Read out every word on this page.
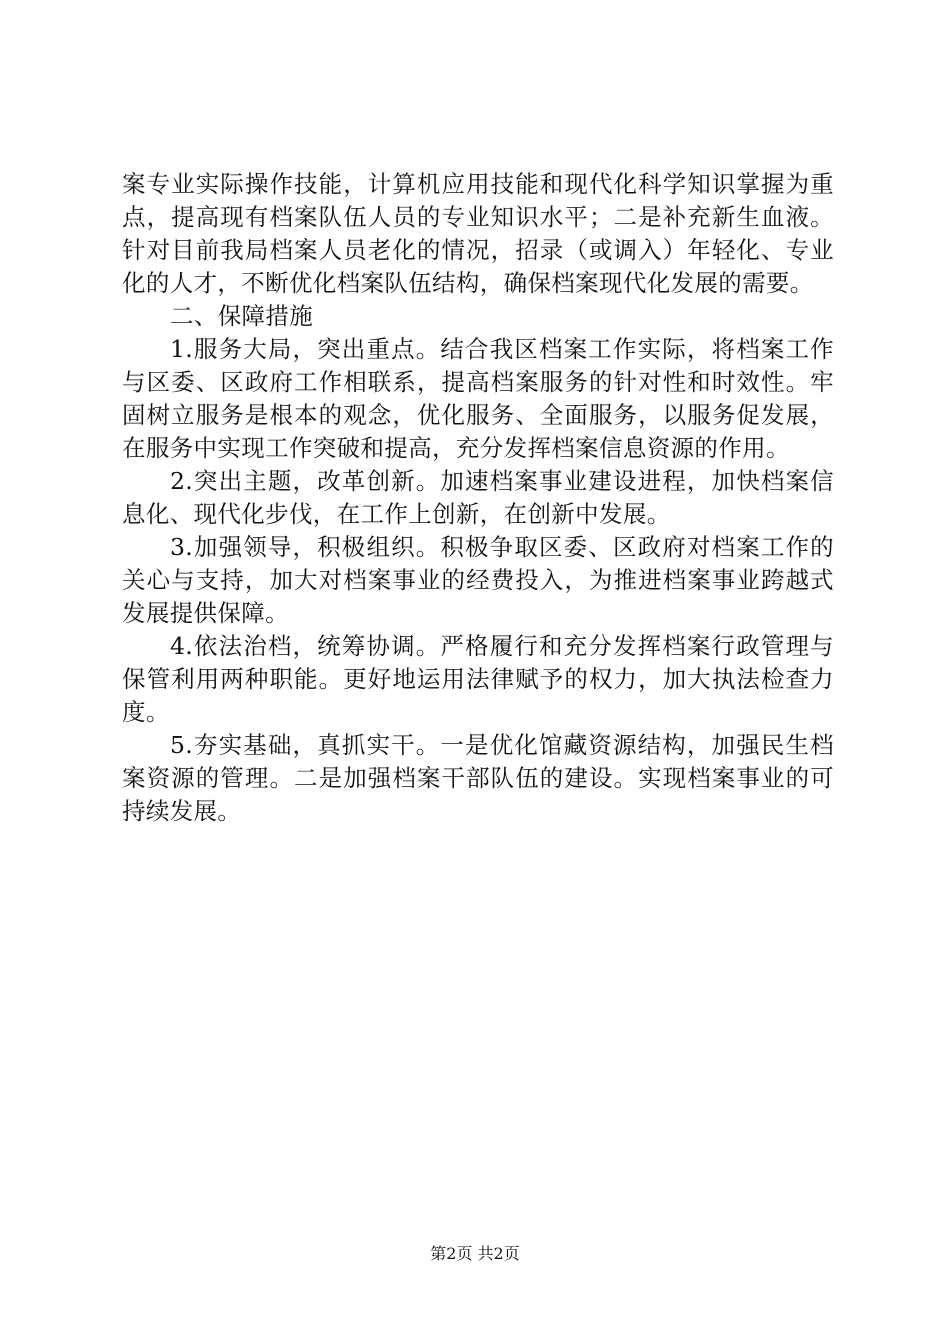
案专业实际操作技能，计算机应用技能和现代化科学知识掌握为重点，提高现有档案队伍人员的专业知识水平；二是补充新生血液。针对目前我局档案人员老化的情况，招录（或调入）年轻化、专业化的人才，不断优化档案队伍结构，确保档案现代化发展的需要。

二、保障措施

1.服务大局，突出重点。结合我区档案工作实际，将档案工作与区委、区政府工作相联系，提高档案服务的针对性和时效性。牢固树立服务是根本的观念，优化服务、全面服务，以服务促发展，在服务中实现工作突破和提高，充分发挥档案信息资源的作用。

2.突出主题，改革创新。加速档案事业建设进程，加快档案信息化、现代化步伐，在工作上创新，在创新中发展。

3.加强领导，积极组织。积极争取区委、区政府对档案工作的关心与支持，加大对档案事业的经费投入，为推进档案事业跨越式发展提供保障。

4.依法治档，统筹协调。严格履行和充分发挥档案行政管理与保管利用两种职能。更好地运用法律赋予的权力，加大执法检查力度。

5.夯实基础，真抓实干。一是优化馆藏资源结构，加强民生档案资源的管理。二是加强档案干部队伍的建设。实现档案事业的可持续发展。

第2页 共2页
